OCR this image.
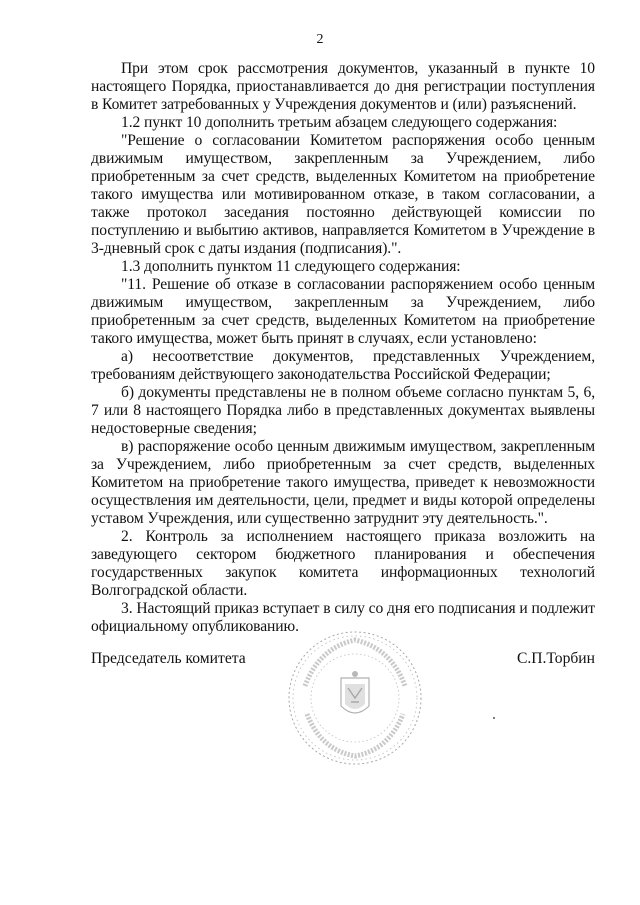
2

При этом срок рассмотрения документов, указанный в пункте 10 настоящего Порядка, приостанавливается до дня регистрации поступления в Комитет затребованных у Учреждения документов и (или) разъяснений.

1.2 пункт 10 дополнить третьим абзацем следующего содержания:

"Решение о согласовании Комитетом распоряжения особо ценным движимым имуществом, закрепленным за Учреждением, либо приобретенным за счет средств, выделенных Комитетом на приобретение такого имущества или мотивированном отказе, в таком согласовании, а также протокол заседания постоянно действующей комиссии по поступлению и выбытию активов, направляется Комитетом в Учреждение в 3-дневный срок с даты издания (подписания).".

1.3 дополнить пунктом 11 следующего содержания:

"11. Решение об отказе в согласовании распоряжением особо ценным движимым имуществом, закрепленным за Учреждением, либо приобретенным за счет средств, выделенных Комитетом на приобретение такого имущества, может быть принят в случаях, если установлено:

а) несоответствие документов, представленных Учреждением, требованиям действующего законодательства Российской Федерации;

б) документы представлены не в полном объеме согласно пунктам 5, 6, 7 или 8 настоящего Порядка либо в представленных документах выявлены недостоверные сведения;

в) распоряжение особо ценным движимым имуществом, закрепленным за Учреждением, либо приобретенным за счет средств, выделенных Комитетом на приобретение такого имущества, приведет к невозможности осуществления им деятельности, цели, предмет и виды которой определены уставом Учреждения, или существенно затруднит эту деятельность.".

2. Контроль за исполнением настоящего приказа возложить на заведующего сектором бюджетного планирования и обеспечения государственных закупок комитета информационных технологий Волгоградской области.

3. Настоящий приказ вступает в силу со дня его подписания и подлежит официальному опубликованию.

Председатель комитета	С.П.Торбин
